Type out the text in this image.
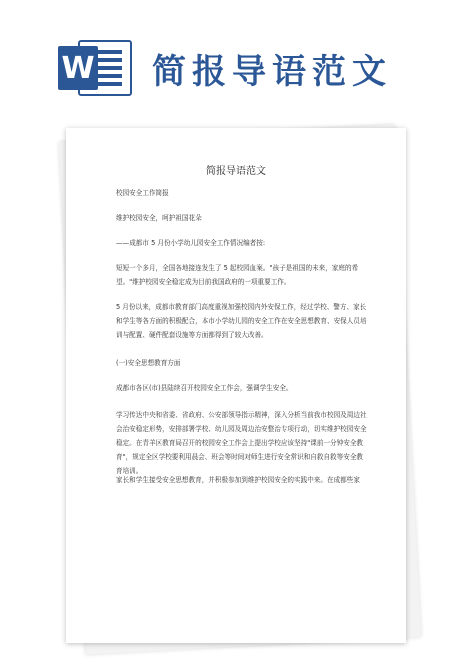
W 简报导语范文

简报导语范文

校园安全工作简报

维护校园安全，呵护祖国花朵

——成都市 5 月份小学幼儿园安全工作情况编者按:

短短一个多月，全国各地接连发生了 5 起校园血案。"孩子是祖国的未来，家庭的希望。"维护校园安全稳定成为目前我国政府的一项重要工作。

5 月份以来，成都市教育部门高度重视加强校园内外安保工作，经过学校、警方、家长和学生等各方面的积极配合，本市小学幼儿园的安全工作在安全思想教育、安保人员培训与配置、硬件配套设施等方面都得到了较大改善。

(一)安全思想教育方面

成都市各区(市)县陆续召开校园安全工作会，强调学生安全。

学习传达中央和省委、省政府、公安部领导指示精神，深入分析当前我市校园及周边社会治安稳定形势，安排部署学校、幼儿园及周边治安整治专项行动，切实维护校园安全稳定。在青羊区教育局召开的校园安全工作会上提出学校应该坚持"课前一分钟安全教育"，规定全区学校要利用晨会、班会等时间对师生进行安全常识和自救自救等安全教育培训。

家长和学生接受安全思想教育，并积极参加到维护校园安全的实践中来。在成都些家
